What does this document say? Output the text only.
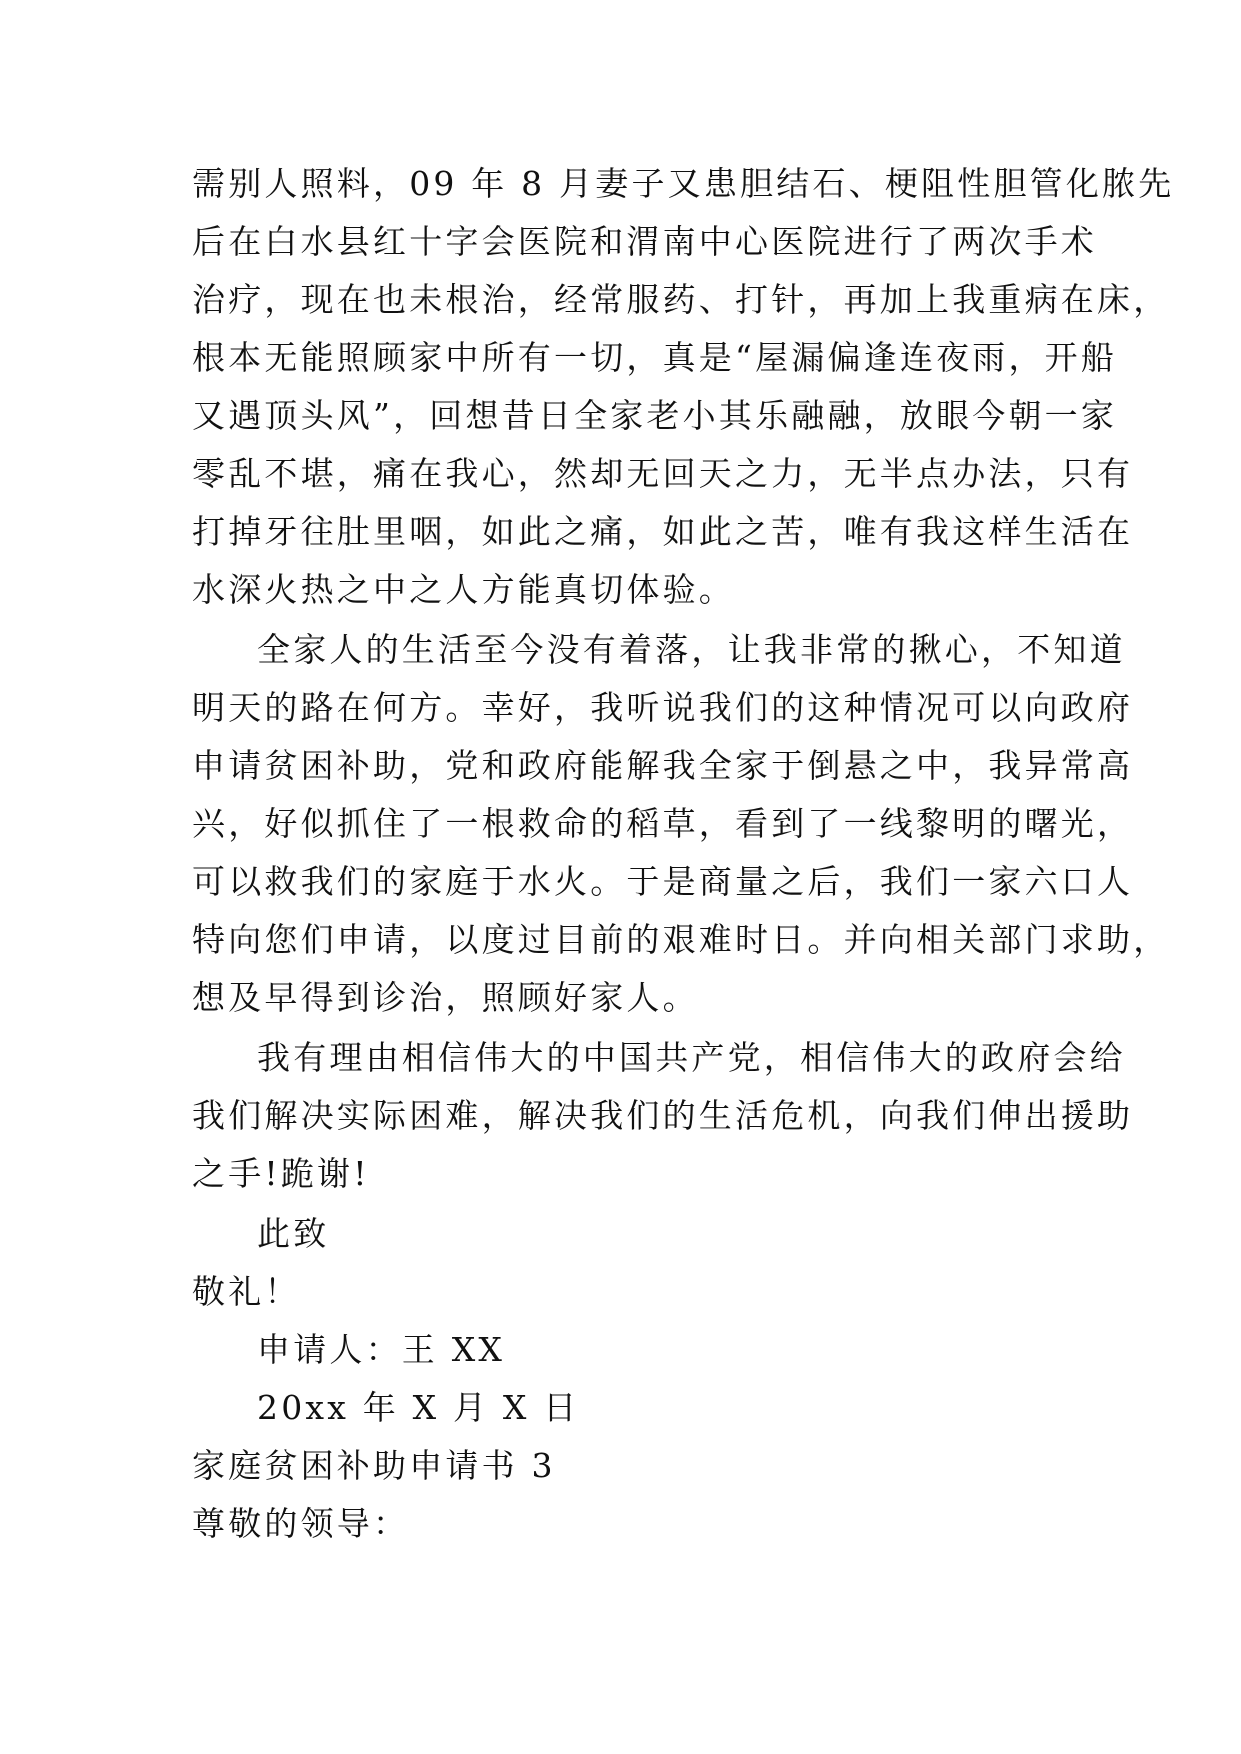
需别人照料，09 年 8 月妻子又患胆结石、梗阻性胆管化脓先
后在白水县红十字会医院和渭南中心医院进行了两次手术
治疗，现在也未根治，经常服药、打针，再加上我重病在床，
根本无能照顾家中所有一切，真是“屋漏偏逢连夜雨，开船
又遇顶头风”，回想昔日全家老小其乐融融，放眼今朝一家
零乱不堪，痛在我心，然却无回天之力，无半点办法，只有
打掉牙往肚里咽，如此之痛，如此之苦，唯有我这样生活在
水深火热之中之人方能真切体验。
全家人的生活至今没有着落，让我非常的揪心，不知道
明天的路在何方。幸好，我听说我们的这种情况可以向政府
申请贫困补助，党和政府能解我全家于倒悬之中，我异常高
兴，好似抓住了一根救命的稻草，看到了一线黎明的曙光，
可以救我们的家庭于水火。于是商量之后，我们一家六口人
特向您们申请，以度过目前的艰难时日。并向相关部门求助，
想及早得到诊治，照顾好家人。
我有理由相信伟大的中国共产党，相信伟大的政府会给
我们解决实际困难，解决我们的生活危机，向我们伸出援助
之手!跪谢!
此致
敬礼！
申请人：王 XX
20xx 年 X 月 X 日
家庭贫困补助申请书 3
尊敬的领导：
